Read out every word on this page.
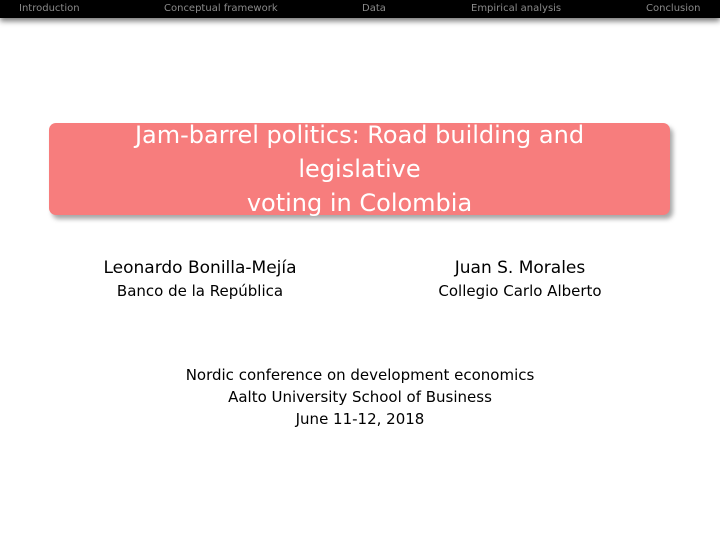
Introduction	Conceptual framework	Data	Empirical analysis	Conclusion
Jam-barrel politics: Road building and legislative
voting in Colombia
Leonardo Bonilla-Mejía
Banco de la República
Juan S. Morales
Collegio Carlo Alberto
Nordic conference on development economics
Aalto University School of Business
June 11-12, 2018
